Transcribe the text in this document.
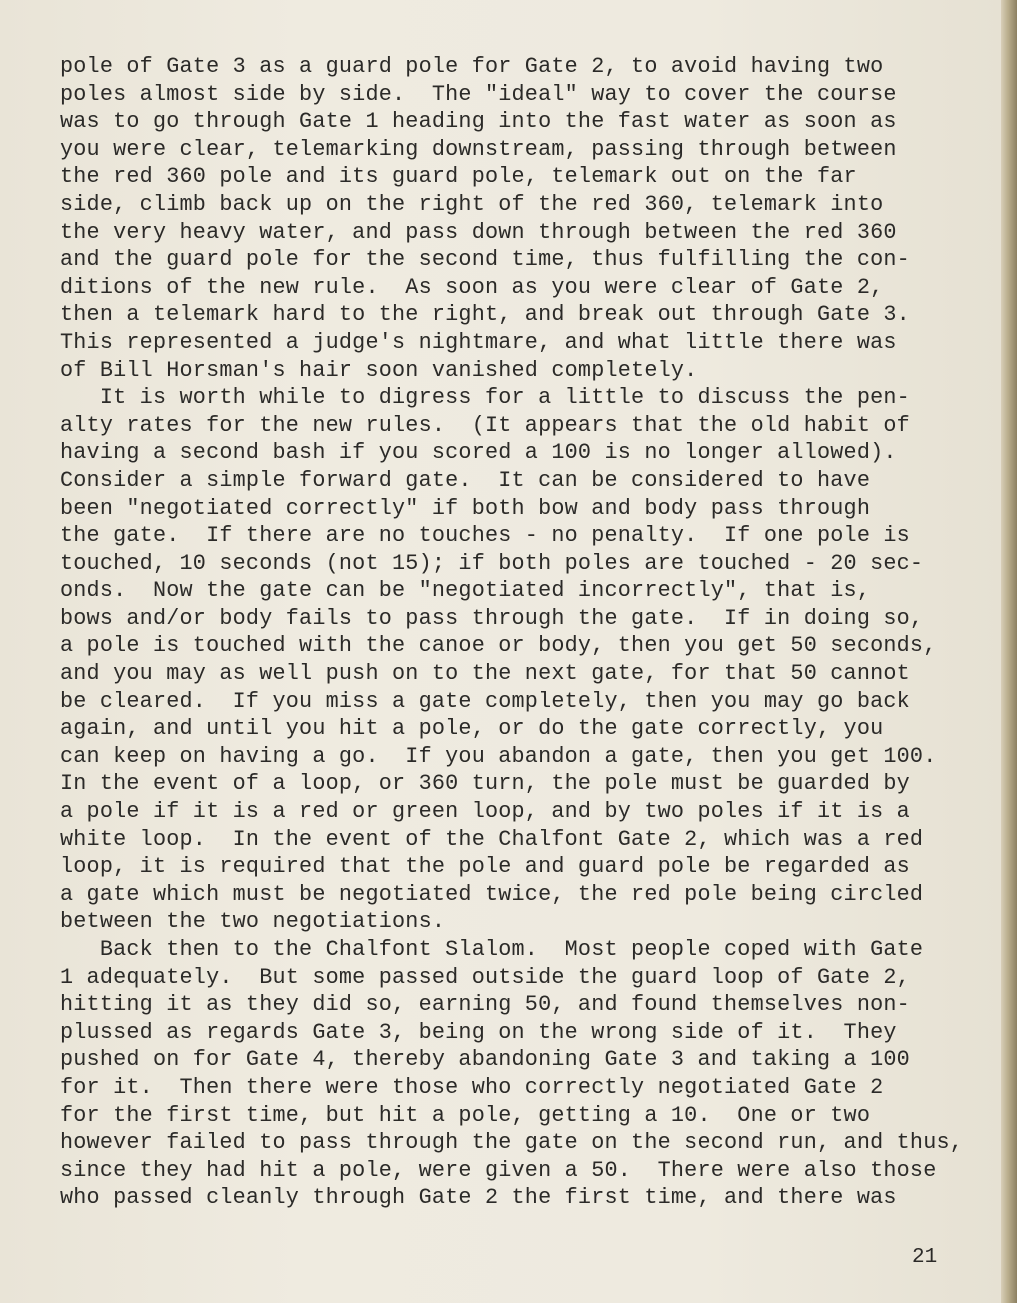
pole of Gate 3 as a guard pole for Gate 2, to avoid having two
poles almost side by side.  The "ideal" way to cover the course
was to go through Gate 1 heading into the fast water as soon as
you were clear, telemarking downstream, passing through between
the red 360 pole and its guard pole, telemark out on the far
side, climb back up on the right of the red 360, telemark into
the very heavy water, and pass down through between the red 360
and the guard pole for the second time, thus fulfilling the con-
ditions of the new rule.  As soon as you were clear of Gate 2,
then a telemark hard to the right, and break out through Gate 3.
This represented a judge's nightmare, and what little there was
of Bill Horsman's hair soon vanished completely.
It is worth while to digress for a little to discuss the pen-
alty rates for the new rules.  (It appears that the old habit of
having a second bash if you scored a 100 is no longer allowed).
Consider a simple forward gate.  It can be considered to have
been "negotiated correctly" if both bow and body pass through
the gate.  If there are no touches - no penalty.  If one pole is
touched, 10 seconds (not 15); if both poles are touched - 20 sec-
onds.  Now the gate can be "negotiated incorrectly", that is,
bows and/or body fails to pass through the gate.  If in doing so,
a pole is touched with the canoe or body, then you get 50 seconds,
and you may as well push on to the next gate, for that 50 cannot
be cleared.  If you miss a gate completely, then you may go back
again, and until you hit a pole, or do the gate correctly, you
can keep on having a go.  If you abandon a gate, then you get 100.
In the event of a loop, or 360 turn, the pole must be guarded by
a pole if it is a red or green loop, and by two poles if it is a
white loop.  In the event of the Chalfont Gate 2, which was a red
loop, it is required that the pole and guard pole be regarded as
a gate which must be negotiated twice, the red pole being circled
between the two negotiations.
Back then to the Chalfont Slalom.  Most people coped with Gate
1 adequately.  But some passed outside the guard loop of Gate 2,
hitting it as they did so, earning 50, and found themselves non-
plussed as regards Gate 3, being on the wrong side of it.  They
pushed on for Gate 4, thereby abandoning Gate 3 and taking a 100
for it.  Then there were those who correctly negotiated Gate 2
for the first time, but hit a pole, getting a 10.  One or two
however failed to pass through the gate on the second run, and thus,
since they had hit a pole, were given a 50.  There were also those
who passed cleanly through Gate 2 the first time, and there was
21
